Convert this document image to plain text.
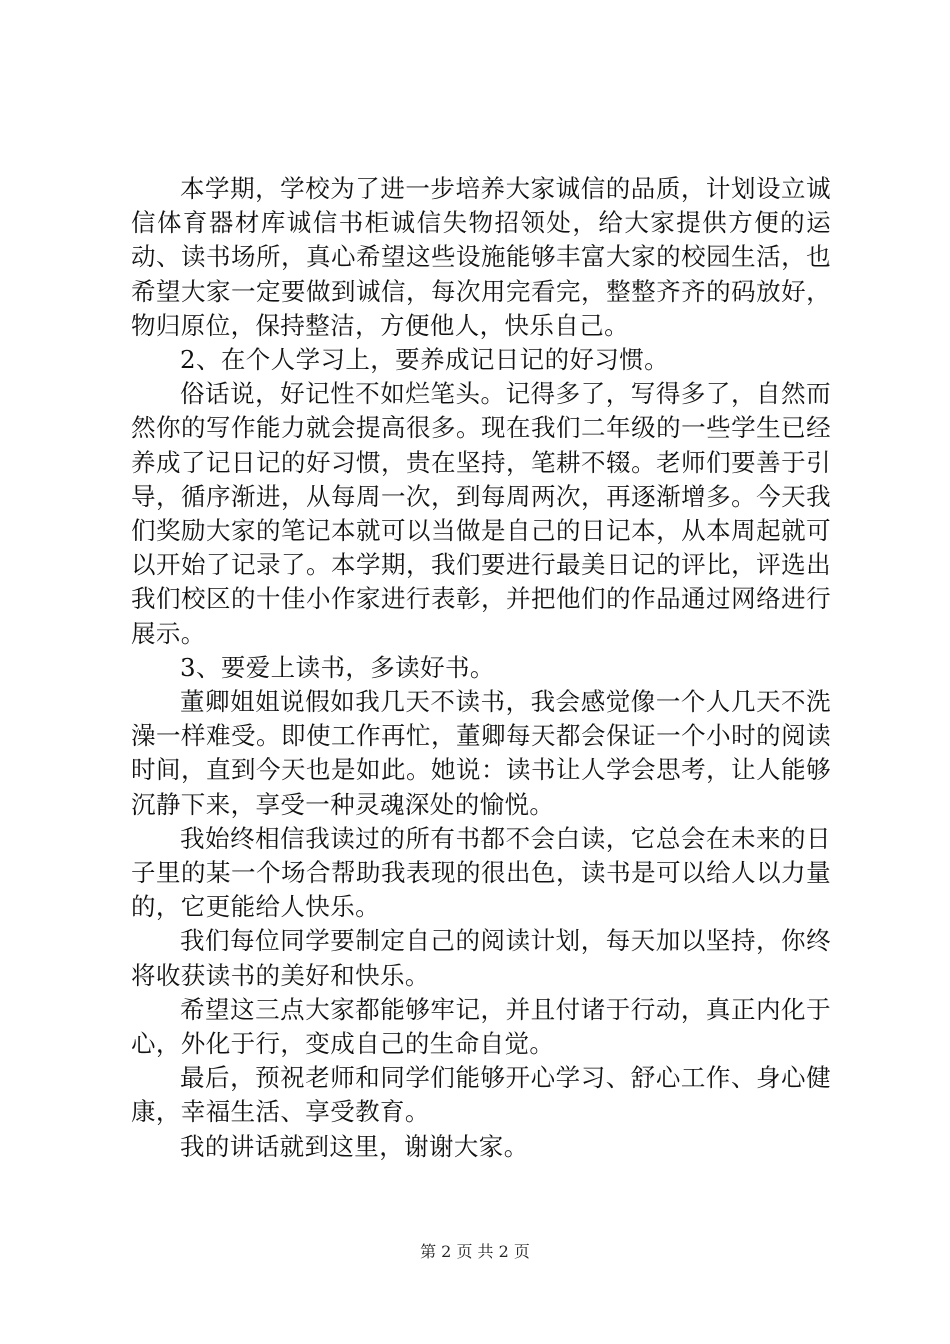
本学期，学校为了进一步培养大家诚信的品质，计划设立诚信体育器材库诚信书柜诚信失物招领处，给大家提供方便的运动、读书场所，真心希望这些设施能够丰富大家的校园生活，也希望大家一定要做到诚信，每次用完看完，整整齐齐的码放好，物归原位，保持整洁，方便他人，快乐自己。

2、在个人学习上，要养成记日记的好习惯。

俗话说，好记性不如烂笔头。记得多了，写得多了，自然而然你的写作能力就会提高很多。现在我们二年级的一些学生已经养成了记日记的好习惯，贵在坚持，笔耕不辍。老师们要善于引导，循序渐进，从每周一次，到每周两次，再逐渐增多。今天我们奖励大家的笔记本就可以当做是自己的日记本，从本周起就可以开始了记录了。本学期，我们要进行最美日记的评比，评选出我们校区的十佳小作家进行表彰，并把他们的作品通过网络进行展示。

3、要爱上读书，多读好书。

董卿姐姐说假如我几天不读书，我会感觉像一个人几天不洗澡一样难受。即使工作再忙，董卿每天都会保证一个小时的阅读时间，直到今天也是如此。她说：读书让人学会思考，让人能够沉静下来，享受一种灵魂深处的愉悦。

我始终相信我读过的所有书都不会白读，它总会在未来的日子里的某一个场合帮助我表现的很出色，读书是可以给人以力量的，它更能给人快乐。

我们每位同学要制定自己的阅读计划，每天加以坚持，你终将收获读书的美好和快乐。

希望这三点大家都能够牢记，并且付诸于行动，真正内化于心，外化于行，变成自己的生命自觉。

最后，预祝老师和同学们能够开心学习、舒心工作、身心健康，幸福生活、享受教育。

我的讲话就到这里，谢谢大家。

第 2 页 共 2 页
